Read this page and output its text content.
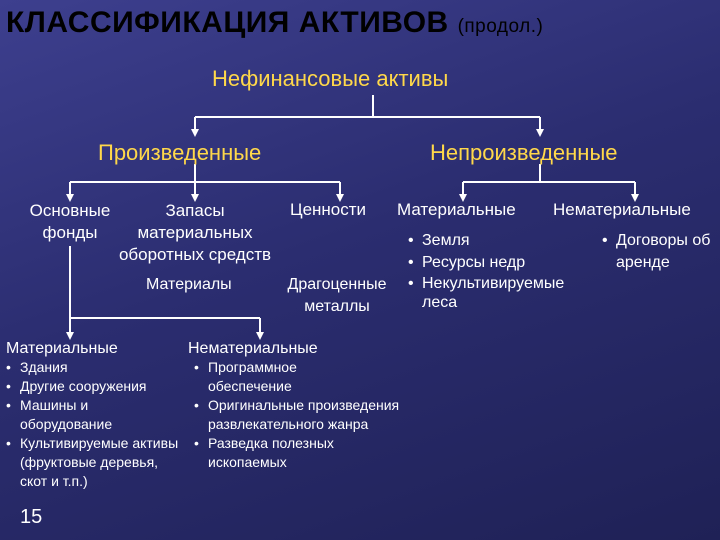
КЛАССИФИКАЦИЯ АКТИВОВ (продол.)
Нефинансовые активы
Произведенные	Непроизведенные
Основные
фонды
Запасы
материальных
оборотных средств
Материалы
Ценности
Драгоценные
металлы
Материальные Нематериальные
• Земля
• Ресурсы недр
• Некультивируемые леса
• Договоры об аренде
Материальные	Нематериальные
• Здания
• Другие сооружения
• Машины и оборудование
• Культивируемые активы (фруктовые деревья, скот и т.п.)
• Программное обеспечение
• Оригинальные произведения развлекательного жанра
• Разведка полезных ископаемых
15
